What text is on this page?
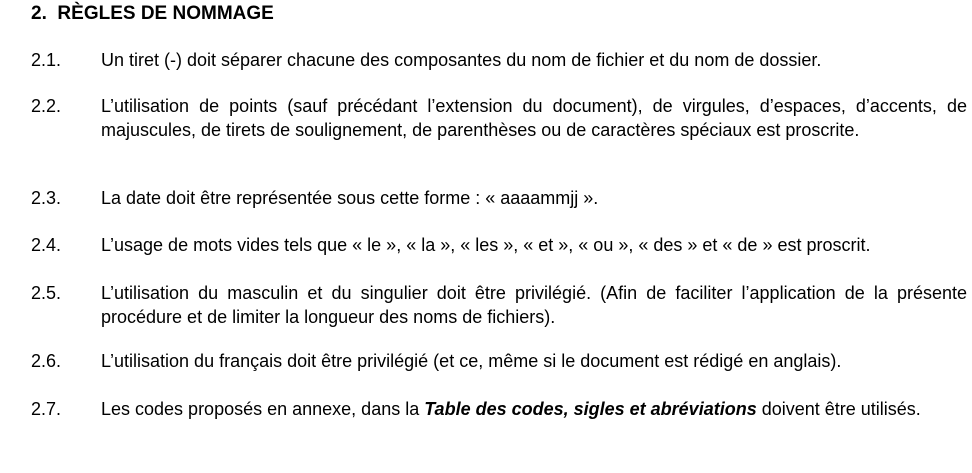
2. RÈGLES DE NOMMAGE
2.1. Un tiret (-) doit séparer chacune des composantes du nom de fichier et du nom de dossier.
2.2. L’utilisation de points (sauf précédant l’extension du document), de virgules, d’espaces, d’accents, de majuscules, de tirets de soulignement, de parenthèses ou de caractères spéciaux est proscrite.
2.3. La date doit être représentée sous cette forme : « aaaammjj ».
2.4. L’usage de mots vides tels que « le », « la », « les », « et », « ou », « des » et « de » est proscrit.
2.5. L’utilisation du masculin et du singulier doit être privilégié. (Afin de faciliter l’application de la présente procédure et de limiter la longueur des noms de fichiers).
2.6. L’utilisation du français doit être privilégié (et ce, même si le document est rédigé en anglais).
2.7. Les codes proposés en annexe, dans la Table des codes, sigles et abréviations doivent être utilisés.
